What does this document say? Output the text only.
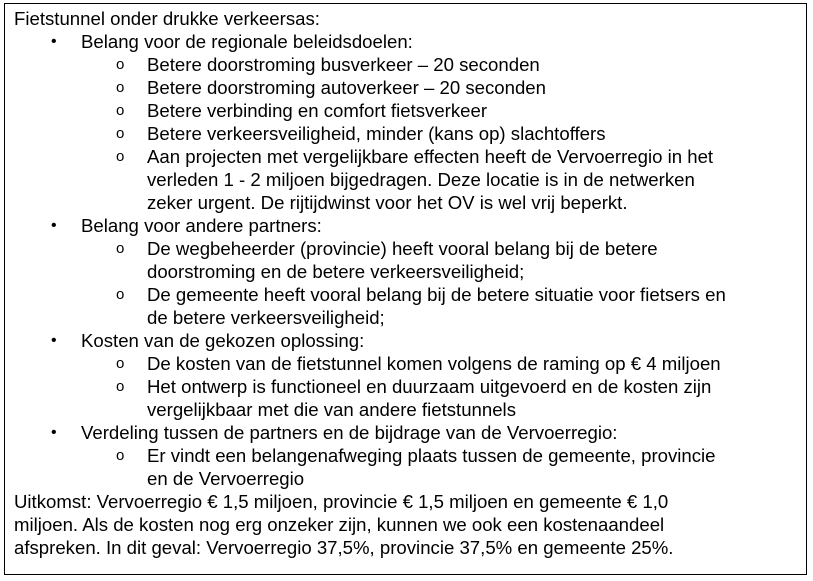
Fietstunnel onder drukke verkeersas:

• Belang voor de regionale beleidsdoelen:

o Betere doorstroming busverkeer – 20 seconden

o Betere doorstroming autoverkeer – 20 seconden

o Betere verbinding en comfort fietsverkeer

o Betere verkeersveiligheid, minder (kans op) slachtoffers

o Aan projecten met vergelijkbare effecten heeft de Vervoerregio in het

verleden 1 - 2 miljoen bijgedragen. Deze locatie is in de netwerken

zeker urgent. De rijtijdwinst voor het OV is wel vrij beperkt.

• Belang voor andere partners:

o De wegbeheerder (provincie) heeft vooral belang bij de betere

doorstroming en de betere verkeersveiligheid;

o De gemeente heeft vooral belang bij de betere situatie voor fietsers en

de betere verkeersveiligheid;

• Kosten van de gekozen oplossing:

o De kosten van de fietstunnel komen volgens de raming op € 4 miljoen

o Het ontwerp is functioneel en duurzaam uitgevoerd en de kosten zijn

vergelijkbaar met die van andere fietstunnels

• Verdeling tussen de partners en de bijdrage van de Vervoerregio:

o Er vindt een belangenafweging plaats tussen de gemeente, provincie

en de Vervoerregio

Uitkomst: Vervoerregio € 1,5 miljoen, provincie € 1,5 miljoen en gemeente € 1,0

miljoen. Als de kosten nog erg onzeker zijn, kunnen we ook een kostenaandeel

afspreken. In dit geval: Vervoerregio 37,5%, provincie 37,5% en gemeente 25%.
